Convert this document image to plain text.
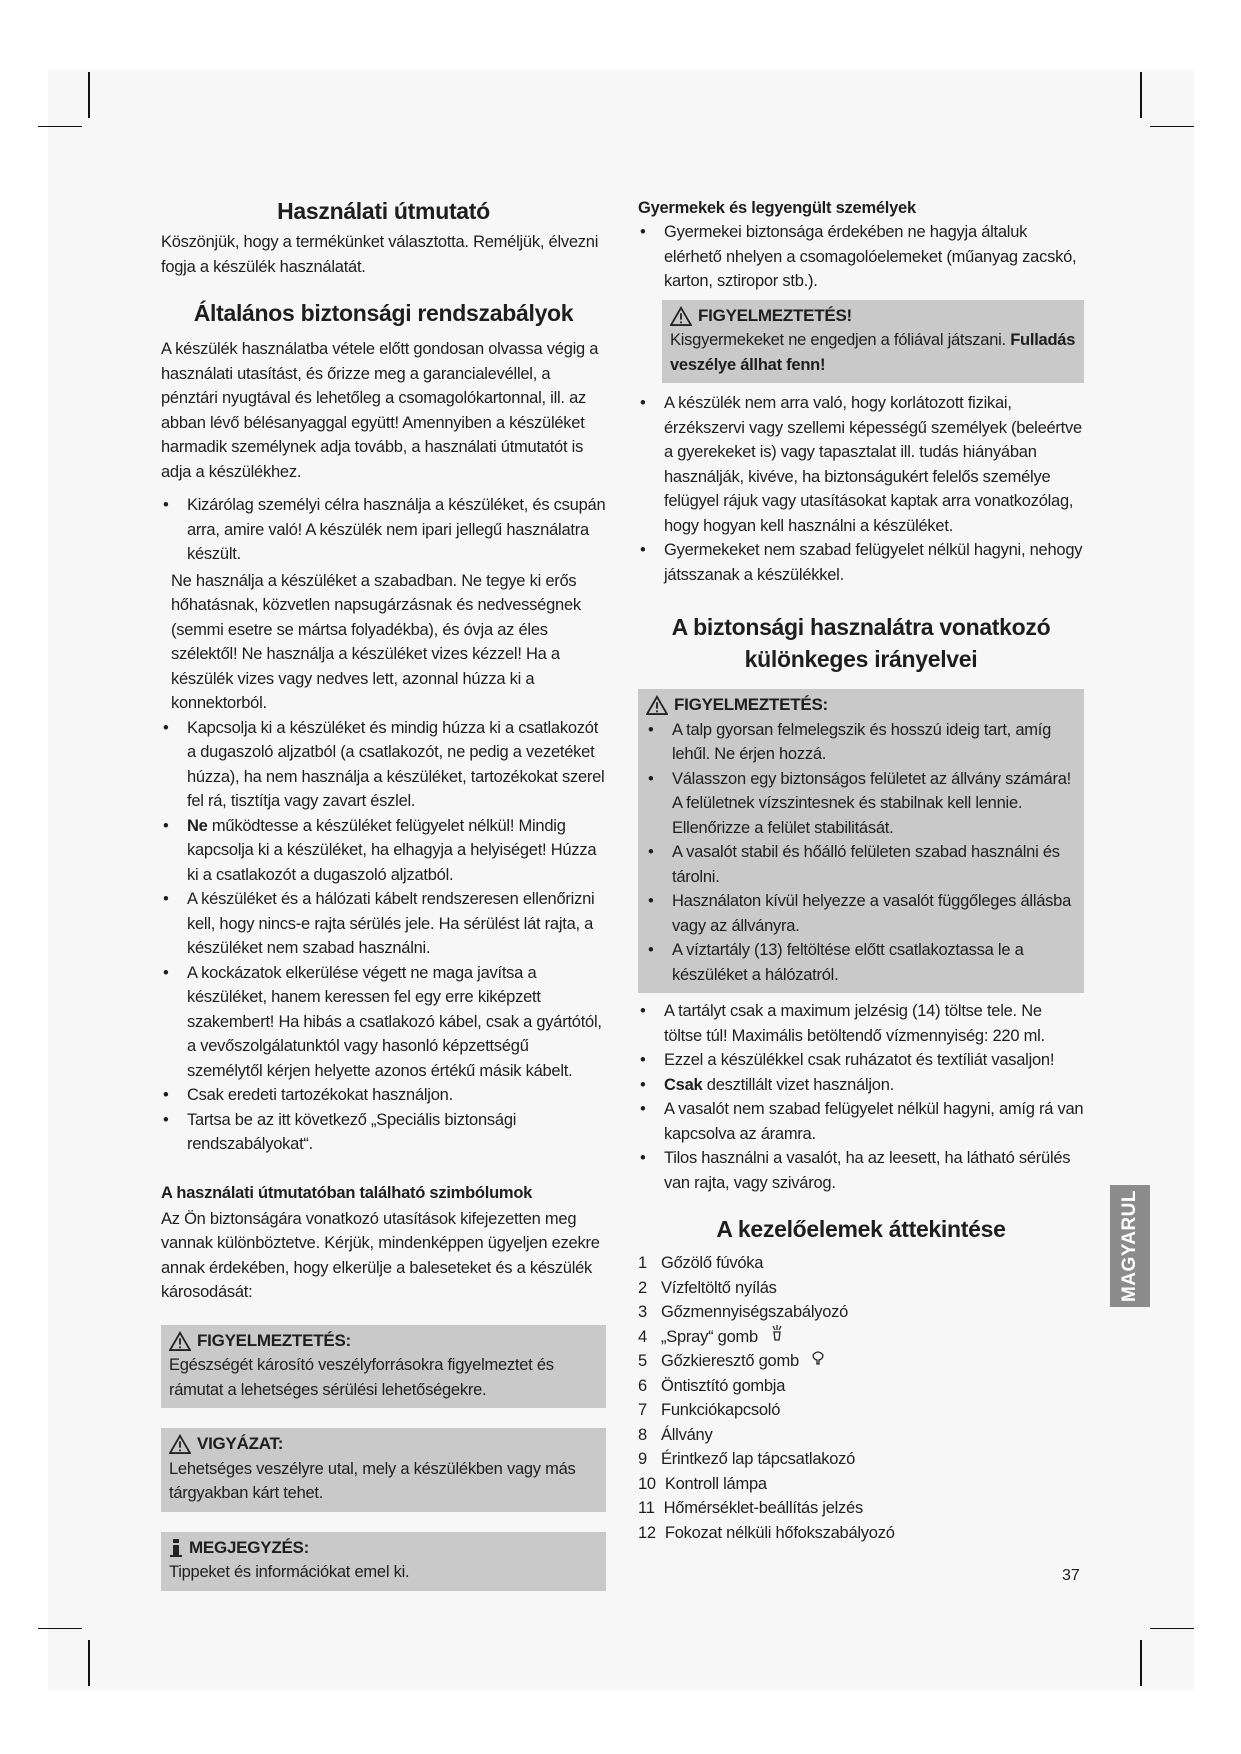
Használati útmutató

Köszönjük, hogy a termékünket választotta. Reméljük, élvezni fogja a készülék használatát.

Általános biztonsági rendszabályok

A készülék használatba vétele előtt gondosan olvassa végig a használati utasítást, és őrizze meg a garancialevéllel, a pénztári nyugtával és lehetőleg a csomagolókartonnal, ill. az abban lévő bélésanyaggal együtt! Amennyiben a készüléket harmadik személynek adja tovább, a használati útmutatót is adja a készülékhez.

• Kizárólag személyi célra használja a készüléket, és csupán arra, amire való! A készülék nem ipari jellegű használatra készült.

Ne használja a készüléket a szabadban. Ne tegye ki erős hőhatásnak, közvetlen napsugárzásnak és nedvességnek (semmi esetre se mártsa folyadékba), és óvja az éles szélektől! Ne használja a készüléket vizes kézzel! Ha a készülék vizes vagy nedves lett, azonnal húzza ki a konnektorból.

• Kapcsolja ki a készüléket és mindig húzza ki a csatlakozót a dugaszoló aljzatból (a csatlakozót, ne pedig a vezetéket húzza), ha nem használja a készüléket, tartozékokat szerel fel rá, tisztítja vagy zavart észlel.
• Ne működtesse a készüléket felügyelet nélkül! Mindig kapcsolja ki a készüléket, ha elhagyja a helyiséget! Húzza ki a csatlakozót a dugaszoló aljzatból.
• A készüléket és a hálózati kábelt rendszeresen ellenőrizni kell, hogy nincs-e rajta sérülés jele. Ha sérülést lát rajta, a készüléket nem szabad használni.
• A kockázatok elkerülése végett ne maga javítsa a készüléket, hanem keressen fel egy erre kiképzett szakembert! Ha hibás a csatlakozó kábel, csak a gyártótól, a vevőszolgálatunktól vagy hasonló képzettségű személytől kérjen helyette azonos értékű másik kábelt.
• Csak eredeti tartozékokat használjon.
• Tartsa be az itt következő „Speciális biztonsági rendszabályokat“.
A használati útmutatóban található szimbólumok

Az Ön biztonságára vonatkozó utasítások kifejezetten meg vannak különböztetve. Kérjük, mindenképpen ügyeljen ezekre annak érdekében, hogy elkerülje a baleseteket és a készülék károsodását:

FIGYELMEZTETÉS:

Egészségét károsító veszélyforrásokra figyelmeztet és rámutat a lehetséges sérülési lehetőségekre.

VIGYÁZAT:

Lehetséges veszélyre utal, mely a készülékben vagy más tárgyakban kárt tehet.

MEGJEGYZÉS:

Tippeket és információkat emel ki.

Gyermekek és legyengült személyek
• Gyermekei biztonsága érdekében ne hagyja általuk elérhető nhelyen a csomagolóelemeket (műanyag zacskó, karton, sztiropor stb.).
FIGYELMEZTETÉS!

Kisgyermekeket ne engedjen a fóliával játszani. Fulladás veszélye állhat fenn!

• A készülék nem arra való, hogy korlátozott fizikai, érzékszervi vagy szellemi képességű személyek (beleértve a gyerekeket is) vagy tapasztalat ill. tudás hiányában használják, kivéve, ha biztonságukért felelős személye felügyel rájuk vagy utasításokat kaptak arra vonatkozólag, hogy hogyan kell használni a készüléket.
• Gyermekeket nem szabad felügyelet nélkül hagyni, nehogy játsszanak a készülékkel.
A biztonsági hasznalátra vonatkozó különkeges irányelvei
FIGYELMEZTETÉS:
• A talp gyorsan felmelegszik és hosszú ideig tart, amíg lehűl. Ne érjen hozzá.
• Válasszon egy biztonságos felületet az állvány számára! A felületnek vízszintesnek és stabilnak kell lennie. Ellenőrizze a felület stabilitását.
• A vasalót stabil és hőálló felületen szabad használni és tárolni.
• Használaton kívül helyezze a vasalót függőleges állásba vagy az állványra.
• A víztartály (13) feltöltése előtt csatlakoztassa le a készüléket a hálózatról.
• A tartályt csak a maximum jelzésig (14) töltse tele. Ne töltse túl! Maximális betöltendő vízmennyiség: 220 ml.
• Ezzel a készülékkel csak ruházatot és textíliát vasaljon!
• Csak desztillált vizet használjon.
• A vasalót nem szabad felügyelet nélkül hagyni, amíg rá van kapcsolva az áramra.
• Tilos használni a vasalót, ha az leesett, ha látható sérülés van rajta, vagy szivárog.
A kezelőelemek áttekintése
1 Gőzölő fúvóka
2 Vízfeltöltő nyílás
3 Gőzmennyiségszabályozó
4 „Spray“ gomb
5 Gőzkieresztő gomb
6 Öntisztító gombja
7 Funkciókapcsoló
8 Állvány
9 Érintkező lap tápcsatlakozó
10 Kontroll lámpa
11 Hőmérséklet-beállítás jelzés
12 Fokozat nélküli hőfokszabályozó
MAGYARUL
37
